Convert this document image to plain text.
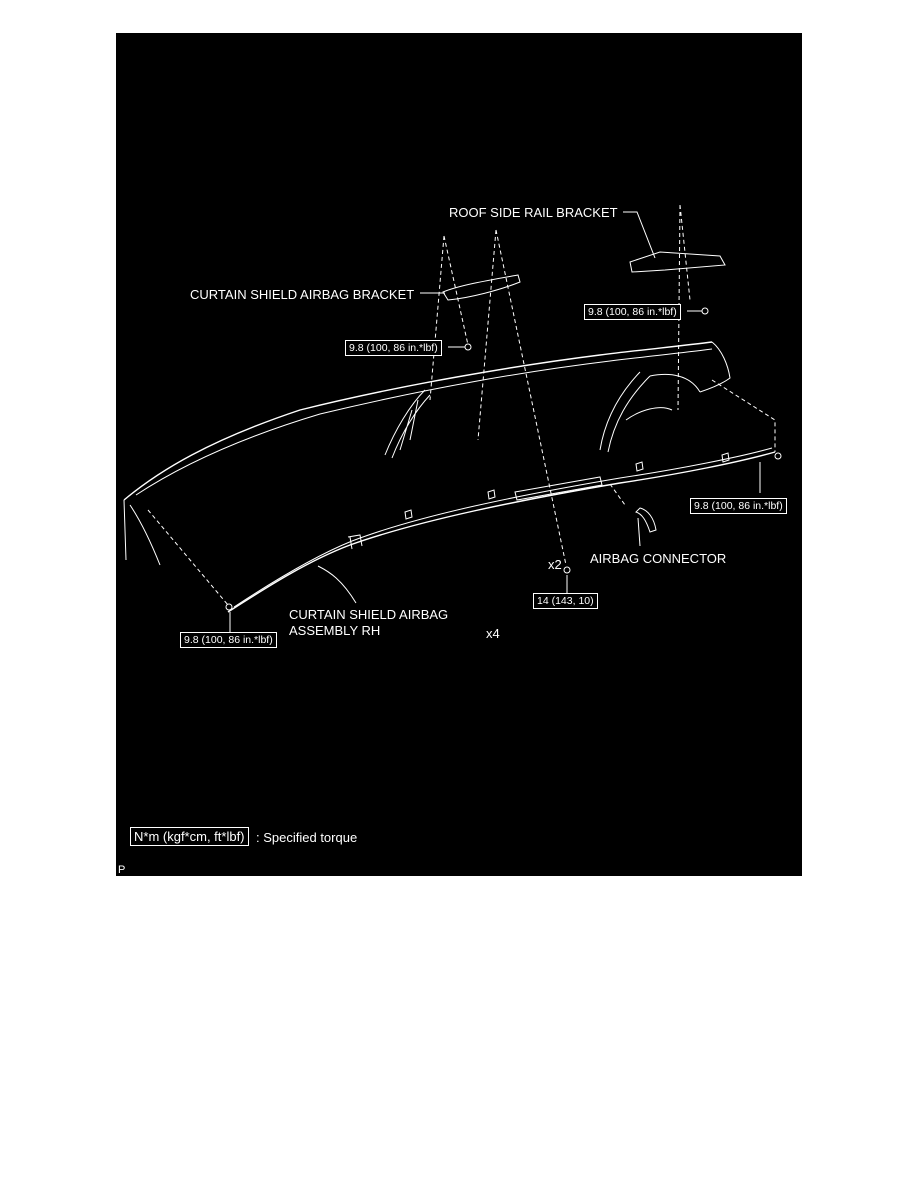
ROOF SIDE RAIL BRACKET
CURTAIN SHIELD AIRBAG BRACKET
9.8 (100, 86 in.*lbf)
9.8 (100, 86 in.*lbf)
9.8 (100, 86 in.*lbf)
AIRBAG CONNECTOR
x2
14 (143, 10)
CURTAIN SHIELD AIRBAG
ASSEMBLY RH	x4
9.8 (100, 86 in.*lbf)
N*m (kgf*cm, ft*lbf) : Specified torque
P
